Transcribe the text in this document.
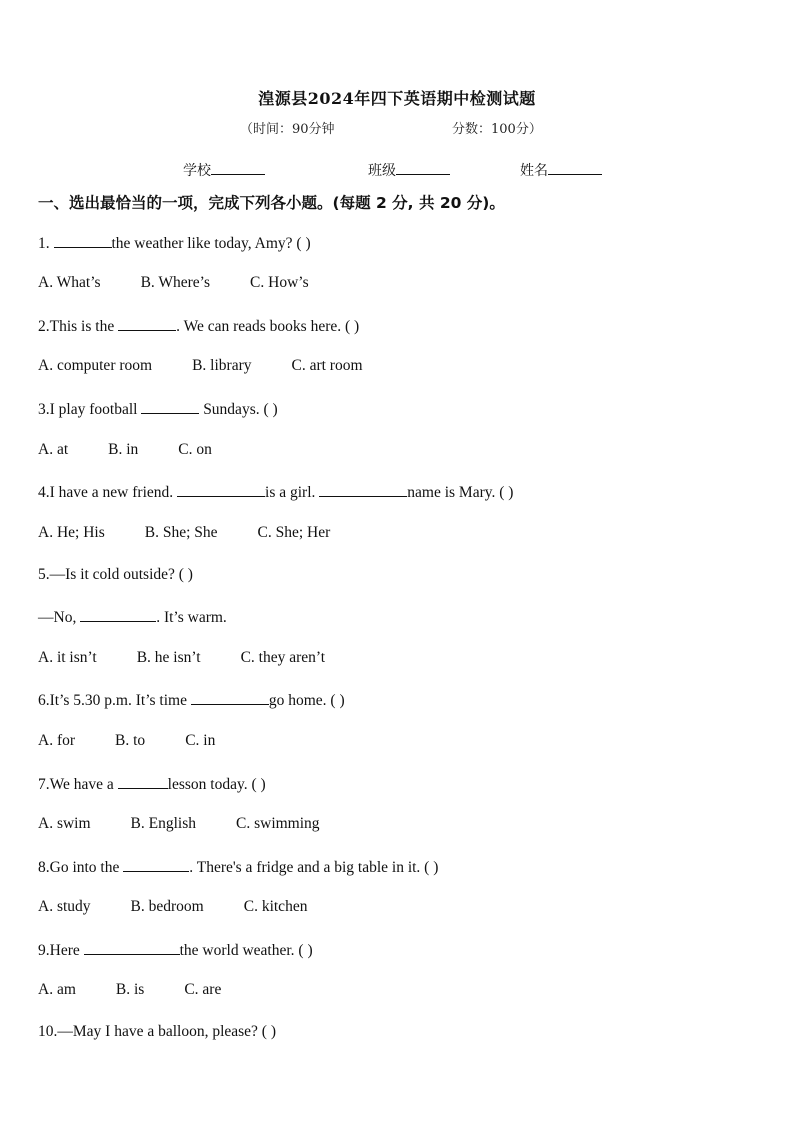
湟源县2024年四下英语期中检测试题
（时间：90分钟	分数：100分）
学校	班级	姓名
一、选出最恰当的一项，完成下列各小题。(每题 2 分, 共 20 分)。
1.	the weather like today, Amy? ( )
A. What’s	B. Where’s	C. How’s
2.This is the	. We can reads books here. ( )
A. computer room	B. library	C. art room
3.I play football	Sundays. ( )
A. at	B. in	C. on
4.I have a new friend.	is a girl.	name is Mary. ( )
A. He; His	B. She; She	C. She; Her
5.—Is it cold outside? ( )
—No,	. It’s warm.
A. it isn’t	B. he isn’t	C. they aren’t
6.It’s 5.30 p.m. It’s time	go home. ( )
A. for	B. to	C. in
7.We have a	lesson today. ( )
A. swim	B. English	C. swimming
8.Go into the	. There's a fridge and a big table in it. ( )
A. study	B. bedroom	C. kitchen
9.Here	the world weather. ( )
A. am	B. is	C. are
10.—May I have a balloon, please? ( )
